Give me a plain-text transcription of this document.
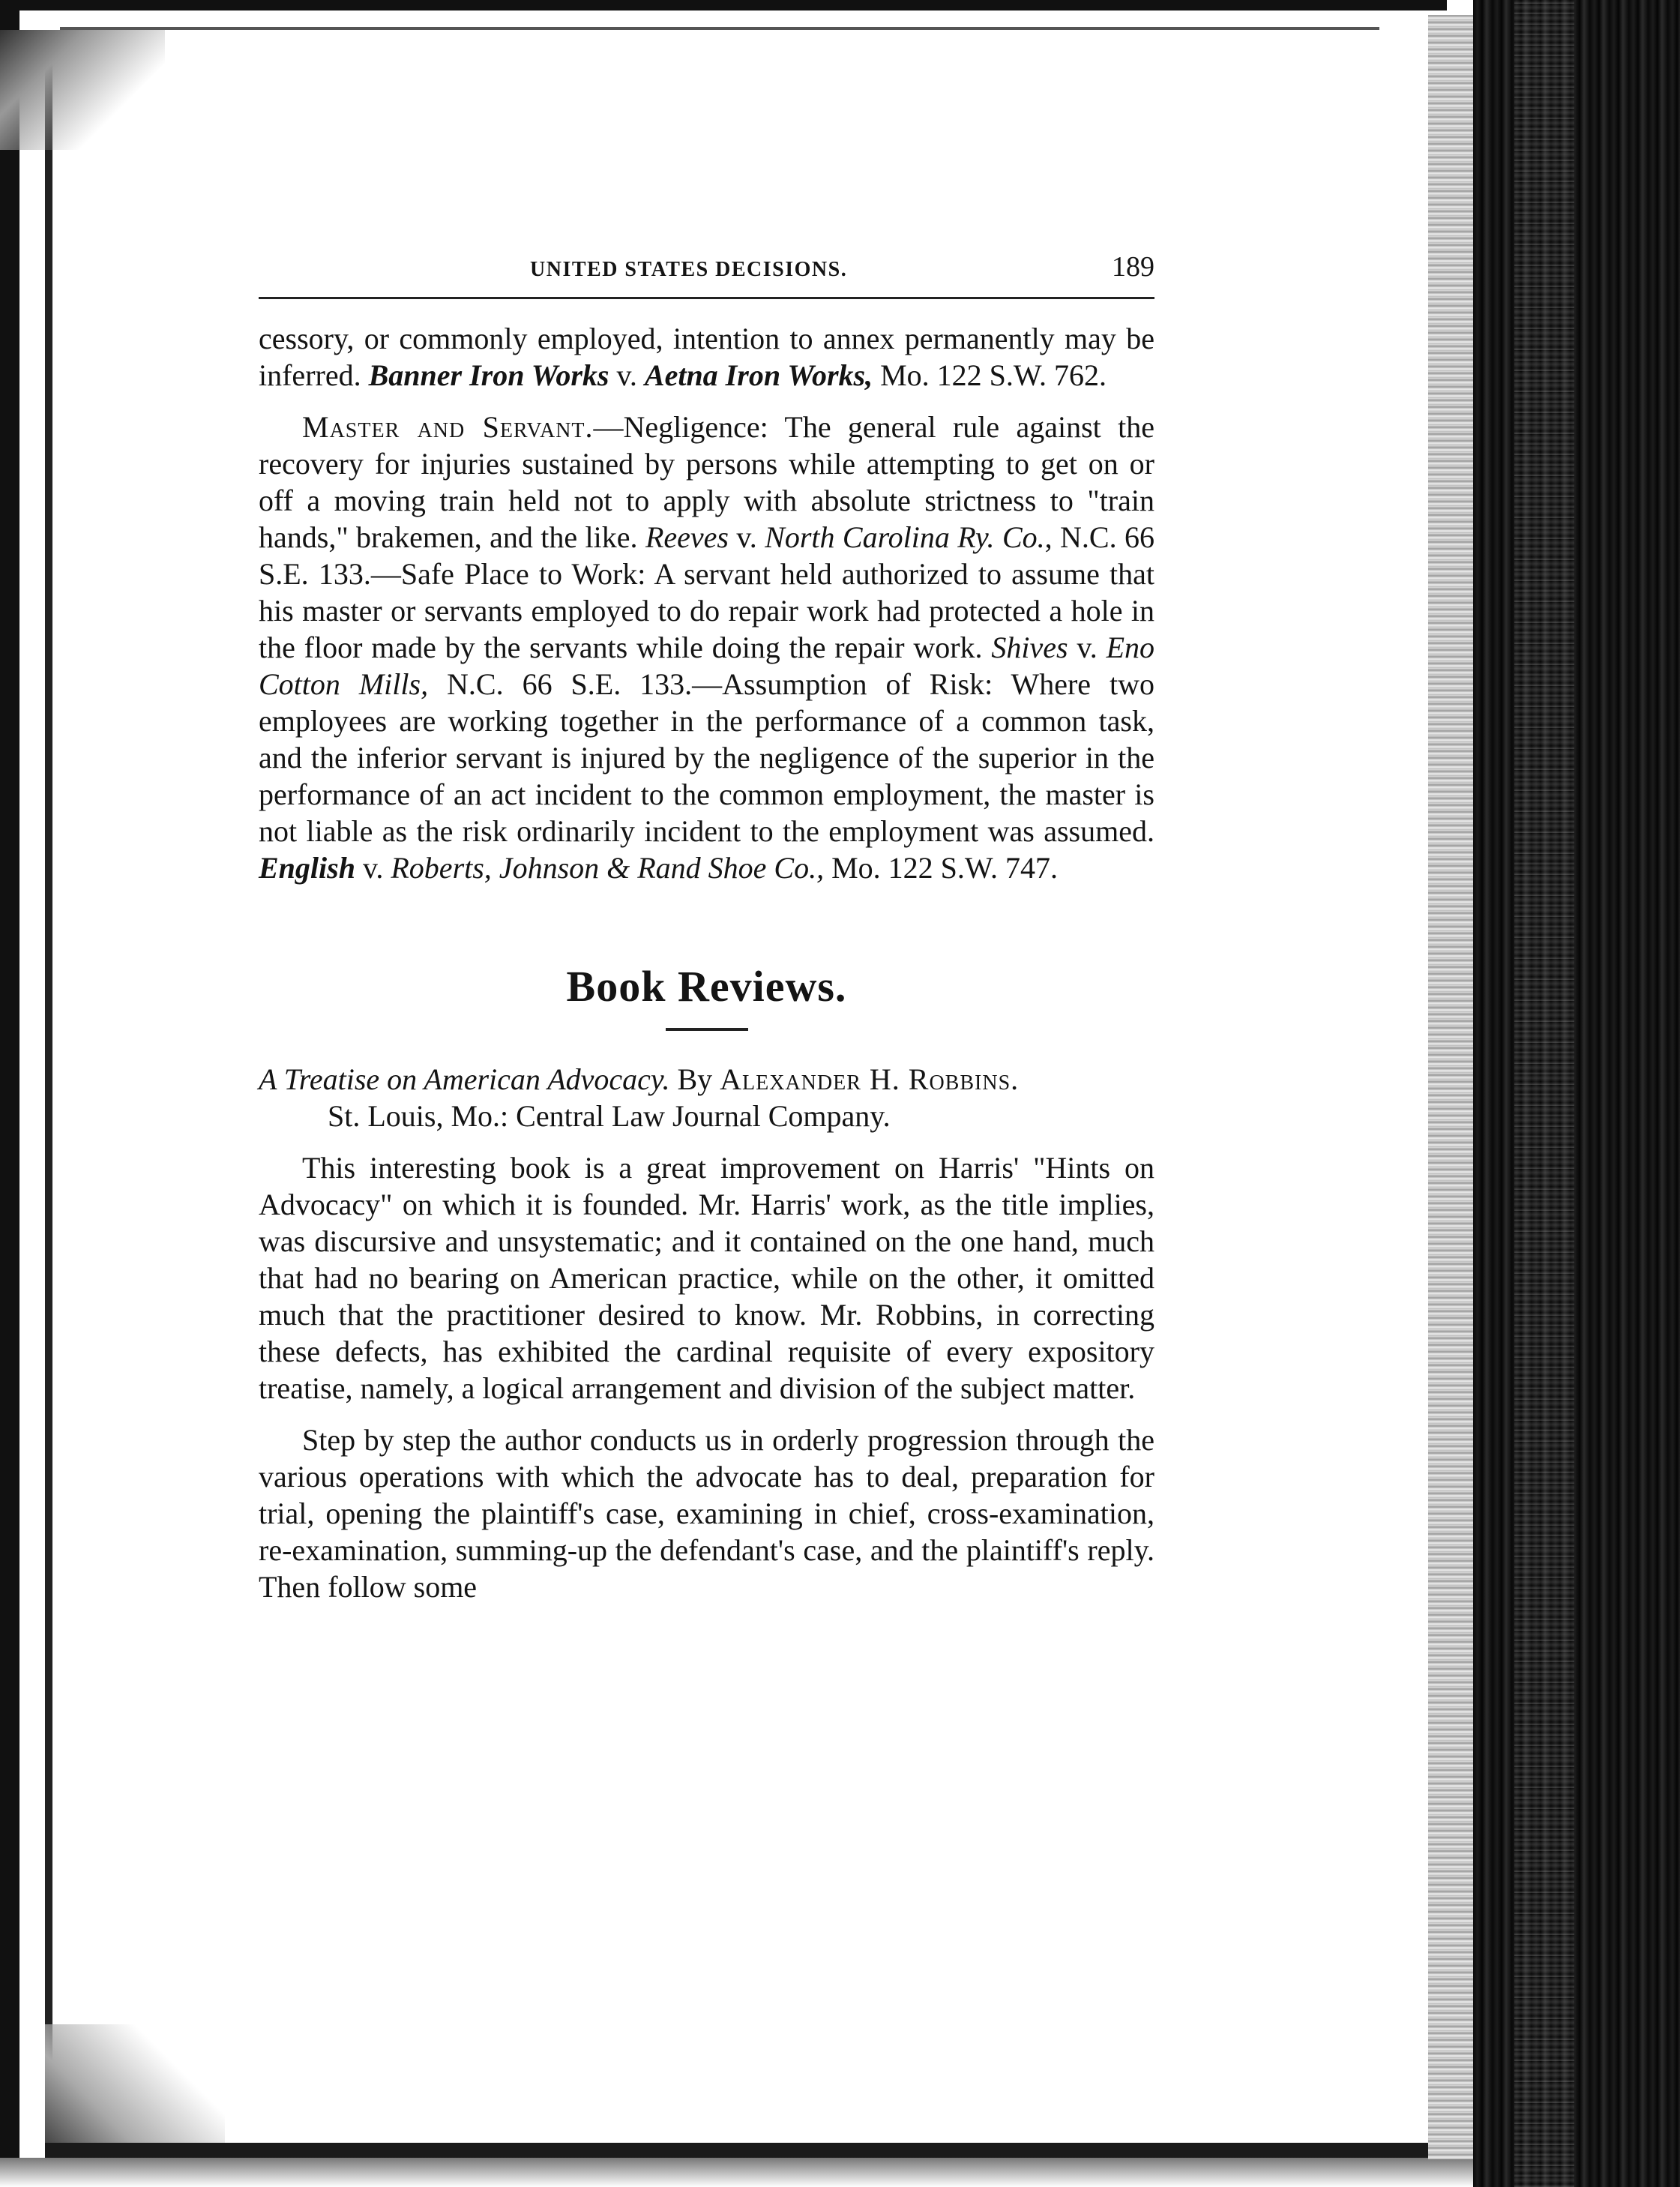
UNITED STATES DECISIONS.	189

cessory, or commonly employed, intention to annex permanently may be inferred. Banner Iron Works v. Aetna Iron Works, Mo. 122 S.W. 762.

Master and Servant.—Negligence: The general rule against the recovery for injuries sustained by persons while attempting to get on or off a moving train held not to apply with absolute strictness to "train hands," brakemen, and the like. Reeves v. North Carolina Ry. Co., N.C. 66 S.E. 133.—Safe Place to Work: A servant held authorized to assume that his master or servants employed to do repair work had protected a hole in the floor made by the servants while doing the repair work. Shives v. Eno Cotton Mills, N.C. 66 S.E. 133.—Assumption of Risk: Where two employees are working together in the performance of a common task, and the inferior servant is injured by the negligence of the superior in the performance of an act incident to the common employment, the master is not liable as the risk ordinarily incident to the employment was assumed. English v. Roberts, Johnson & Rand Shoe Co., Mo. 122 S.W. 747.

Book Reviews.

A Treatise on American Advocacy. By Alexander H. Robbins.
St. Louis, Mo.: Central Law Journal Company.

This interesting book is a great improvement on Harris' "Hints on Advocacy" on which it is founded. Mr. Harris' work, as the title implies, was discursive and unsystematic; and it contained on the one hand, much that had no bearing on American practice, while on the other, it omitted much that the practitioner desired to know. Mr. Robbins, in correcting these defects, has exhibited the cardinal requisite of every expository treatise, namely, a logical arrangement and division of the subject matter.

Step by step the author conducts us in orderly progression through the various operations with which the advocate has to deal, preparation for trial, opening the plaintiff's case, examining in chief, cross-examination, re-examination, summing-up the defendant's case, and the plaintiff's reply. Then follow some
